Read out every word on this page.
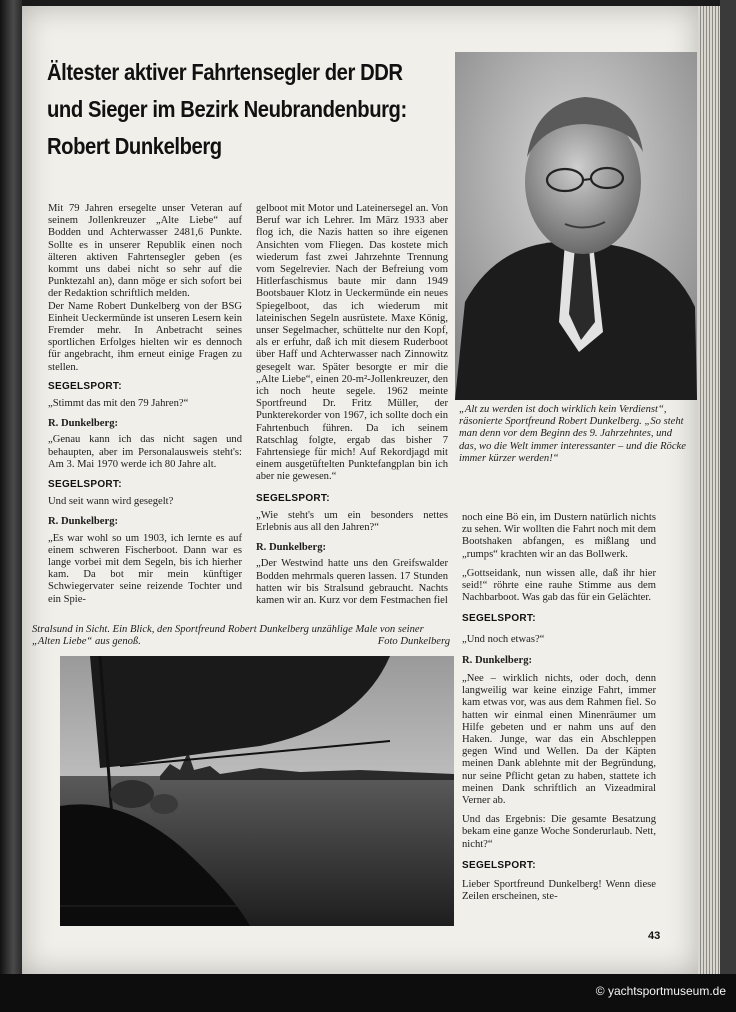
Ältester aktiver Fahrtensegler der DDR
und Sieger im Bezirk Neubrandenburg:
Robert Dunkelberg
„Alt zu werden ist doch wirklich kein Verdienst“, räsonierte Sportfreund Robert Dunkelberg. „So steht man denn vor dem Beginn des 9. Jahrzehntes, und das, wo die Welt immer interessanter – und die Röcke immer kürzer werden!“

Mit 79 Jahren ersegelte unser Veteran auf seinem Jollenkreuzer „Alte Liebe“ auf Bodden und Achterwasser 2481,6 Punkte. Sollte es in unserer Republik einen noch älteren aktiven Fahrtensegler geben (es kommt uns dabei nicht so sehr auf die Punktezahl an), dann möge er sich sofort bei der Redaktion schriftlich melden.

Der Name Robert Dunkelberg von der BSG Einheit Ueckermünde ist unseren Lesern kein Fremder mehr. In Anbetracht seines sportlichen Erfolges hielten wir es dennoch für angebracht, ihm erneut einige Fragen zu stellen.

SEGELSPORT:

„Stimmt das mit den 79 Jahren?“

R. Dunkelberg:

„Genau kann ich das nicht sagen und behaupten, aber im Personalausweis steht's: Am 3. Mai 1970 werde ich 80 Jahre alt.

SEGELSPORT:

Und seit wann wird gesegelt?

R. Dunkelberg:

„Es war wohl so um 1903, ich lernte es auf einem schweren Fischerboot. Dann war es lange vorbei mit dem Segeln, bis ich hierher kam. Da bot mir mein künftiger Schwiegervater seine reizende Tochter und ein Spie-

gelboot mit Motor und Lateinersegel an. Von Beruf war ich Lehrer. Im März 1933 aber flog ich, die Nazis hatten so ihre eigenen Ansichten vom Fliegen. Das kostete mich wiederum fast zwei Jahrzehnte Trennung vom Segelrevier. Nach der Befreiung vom Hitlerfaschismus baute mir dann 1949 Bootsbauer Klotz in Ueckermünde ein neues Spiegelboot, das ich wiederum mit lateinischen Segeln ausrüstete. Maxe König, unser Segelmacher, schüttelte nur den Kopf, als er erfuhr, daß ich mit diesem Ruderboot über Haff und Achterwasser nach Zinnowitz gesegelt war. Später besorgte er mir die „Alte Liebe“, einen 20-m²-Jollenkreuzer, den ich noch heute segele. 1962 meinte Sportfreund Dr. Fritz Müller, der Punkterekorder von 1967, ich sollte doch ein Fahrtenbuch führen. Da ich seinem Ratschlag folgte, ergab das bisher 7 Fahrtensiege für mich! Auf Rekordjagd mit einem ausgetüftelten Punktefangplan bin ich aber nie gewesen.“

SEGELSPORT:

„Wie steht's um ein besonders nettes Erlebnis aus all den Jahren?“

R. Dunkelberg:

„Der Westwind hatte uns den Greifswalder Bodden mehrmals queren lassen. 17 Stunden hatten wir bis Stralsund gebraucht. Nachts kamen wir an. Kurz vor dem Festmachen fiel

Stralsund in Sicht. Ein Blick, den Sportfreund Robert Dunkelberg unzählige Male von seiner „Alten Liebe“ aus genoß.	Foto Dunkelberg

noch eine Bö ein, im Dustern natürlich nichts zu sehen. Wir wollten die Fahrt noch mit dem Bootshaken abfangen, es mißlang und „rumps“ krachten wir an das Bollwerk.

„Gottseidank, nun wissen alle, daß ihr hier seid!“ röhrte eine rauhe Stimme aus dem Nachbarboot. Was gab das für ein Gelächter.

SEGELSPORT:

„Und noch etwas?“

R. Dunkelberg:

„Nee – wirklich nichts, oder doch, denn langweilig war keine einzige Fahrt, immer kam etwas vor, was aus dem Rahmen fiel. So hatten wir einmal einen Minenräumer um Hilfe gebeten und er nahm uns auf den Haken. Junge, war das ein Abschleppen gegen Wind und Wellen. Da der Käpten meinen Dank ablehnte mit der Begründung, nur seine Pflicht getan zu haben, stattete ich meinen Dank schriftlich an Vizeadmiral Verner ab.

Und das Ergebnis: Die gesamte Besatzung bekam eine ganze Woche Sonderurlaub. Nett, nicht?“

SEGELSPORT:

Lieber Sportfreund Dunkelberg! Wenn diese Zeilen erscheinen, ste-

43
© yachtsportmuseum.de
